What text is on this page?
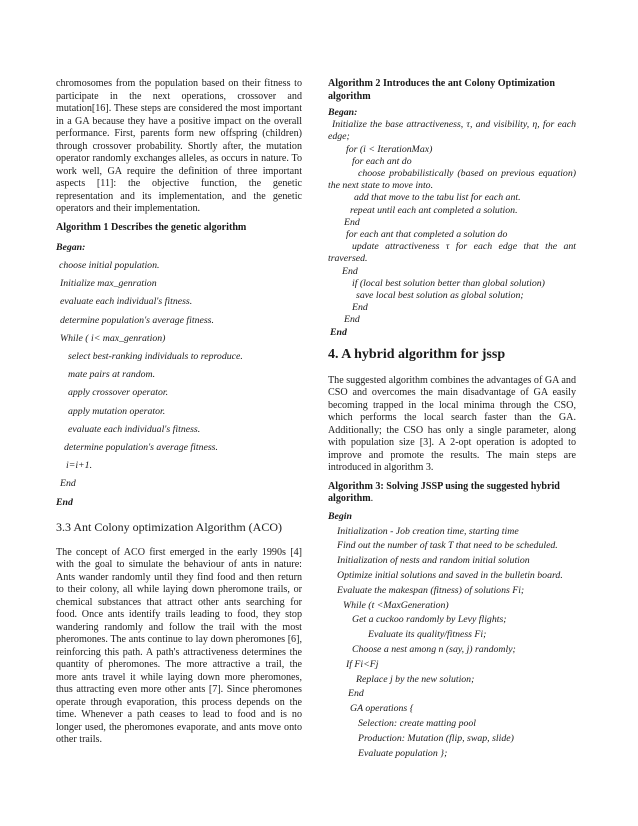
chromosomes from the population based on their fitness to participate in the next operations, crossover and mutation[16]. These steps are considered the most important in a GA because they have a positive impact on the overall performance. First, parents form new offspring (children) through crossover probability. Shortly after, the mutation operator randomly exchanges alleles, as occurs in nature. To work well, GA require the definition of three important aspects [11]: the objective function, the genetic representation and its implementation, and the genetic operators and their implementation.

Algorithm 1 Describes the genetic algorithm

Began:

choose initial population.

Initialize max_genration

evaluate each individual's fitness.

determine population's average fitness.

While ( i< max_genration)

select best-ranking individuals to reproduce.

mate pairs at random.

apply crossover operator.

apply mutation operator.

evaluate each individual's fitness.

determine population's average fitness.

i=i+1.

End

End

3.3 Ant Colony optimization Algorithm (ACO)

The concept of ACO first emerged in the early 1990s [4] with the goal to simulate the behaviour of ants in nature: Ants wander randomly until they find food and then return to their colony, all while laying down pheromone trails, or chemical substances that attract other ants searching for food. Once ants identify trails leading to food, they stop wandering randomly and follow the trail with the most pheromones. The ants continue to lay down pheromones [6], reinforcing this path. A path's attractiveness determines the quantity of pheromones. The more attractive a trail, the more ants travel it while laying down more pheromones, thus attracting even more other ants [7]. Since pheromones operate through evaporation, this process depends on the time. Whenever a path ceases to lead to food and is no longer used, the pheromones evaporate, and ants move onto other trails.

Algorithm 2 Introduces the ant Colony Optimization algorithm

Began:

Initialize the base attractiveness, τ, and visibility, η, for each edge;

for (i < IterationMax)

for each ant do

choose probabilistically (based on previous equation) the next state to move into.

add that move to the tabu list for each ant.

repeat until each ant completed a solution.

End

for each ant that completed a solution do

update attractiveness τ for each edge that the ant traversed.

End

if (local best solution better than global solution)

save local best solution as global solution;

End

End

End

4. A hybrid algorithm for jssp

The suggested algorithm combines the advantages of GA and CSO and overcomes the main disadvantage of GA easily becoming trapped in the local minima through the CSO, which performs the local search faster than the GA. Additionally; the CSO has only a single parameter, along with population size [3]. A 2-opt operation is adopted to improve and promote the results. The main steps are introduced in algorithm 3.

Algorithm 3: Solving JSSP using the suggested hybrid algorithm.

Begin

Initialization - Job creation time, starting time

Find out the number of task T that need to be scheduled.

Initialization of nests and random initial solution

Optimize initial solutions and saved in the bulletin board.

Evaluate the makespan (fitness) of solutions Fi;

While (t <MaxGeneration)

Get a cuckoo randomly by Levy flights;

Evaluate its quality/fitness Fi;

Choose a nest among n (say, j) randomly;

If Fi<Fj

Replace j by the new solution;

End

GA operations {

Selection: create matting pool

Production: Mutation (flip, swap, slide)

Evaluate population };
